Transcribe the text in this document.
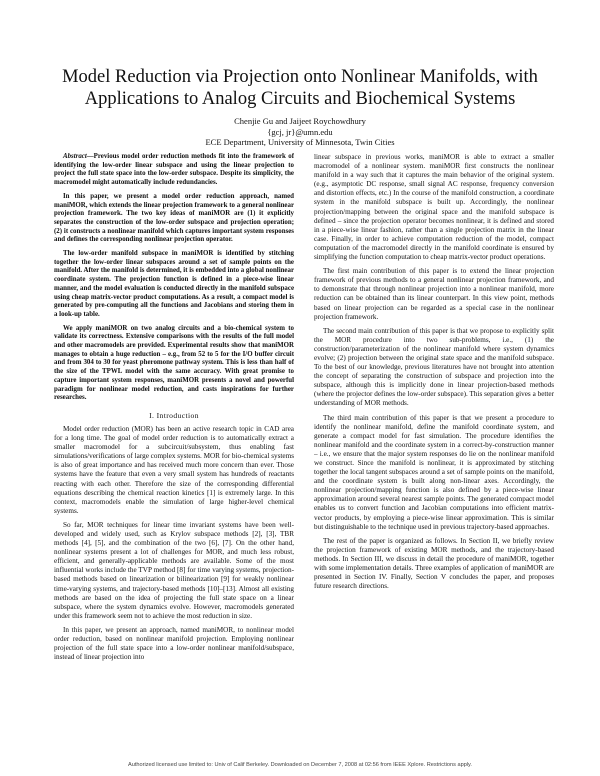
Model Reduction via Projection onto Nonlinear Manifolds, with Applications to Analog Circuits and Biochemical Systems
Chenjie Gu and Jaijeet Roychowdhury
{gcj, jr}@umn.edu
ECE Department, University of Minnesota, Twin Cities

Abstract—Previous model order reduction methods fit into the framework of identifying the low-order linear subspace and using the linear projection to project the full state space into the low-order subspace. Despite its simplicity, the macromodel might automatically include redundancies.

In this paper, we present a model order reduction approach, named maniMOR, which extends the linear projection framework to a general nonlinear projection framework. The two key ideas of maniMOR are (1) it explicitly separates the construction of the low-order subspace and projection operation; (2) it constructs a nonlinear manifold which captures important system responses and defines the corresponding nonlinear projection operator.

The low-order manifold subspace in maniMOR is identified by stitching together the low-order linear subspaces around a set of sample points on the manifold. After the manifold is determined, it is embedded into a global nonlinear coordinate system. The projection function is defined in a piece-wise linear manner, and the model evaluation is conducted directly in the manifold subspace using cheap matrix-vector product computations. As a result, a compact model is generated by pre-computing all the functions and Jacobians and storing them in a look-up table.

We apply maniMOR on two analog circuits and a bio-chemical system to validate its correctness. Extensive comparisons with the results of the full model and other macromodels are provided. Experimental results show that maniMOR manages to obtain a huge reduction – e.g., from 52 to 5 for the I/O buffer circuit and from 304 to 30 for yeast pheromone pathway system. This is less than half of the size of the TPWL model with the same accuracy. With great promise to capture important system responses, maniMOR presents a novel and powerful paradigm for nonlinear model reduction, and casts inspirations for further researches.

I. Introduction

Model order reduction (MOR) has been an active research topic in CAD area for a long time. The goal of model order reduction is to automatically extract a smaller macromodel for a subcircuit/subsystem, thus enabling fast simulations/verifications of large complex systems. MOR for bio-chemical systems is also of great importance and has received much more concern than ever. Those systems have the feature that even a very small system has hundreds of reactants reacting with each other. Therefore the size of the corresponding differential equations describing the chemical reaction kinetics [1] is extremely large. In this context, macromodels enable the simulation of large higher-level chemical systems.

So far, MOR techniques for linear time invariant systems have been well-developed and widely used, such as Krylov subspace methods [2], [3], TBR methods [4], [5], and the combination of the two [6], [7]. On the other hand, nonlinear systems present a lot of challenges for MOR, and much less robust, efficient, and generally-applicable methods are available. Some of the most influential works include the TVP method [8] for time varying systems, projection-based methods based on linearization or bilinearization [9] for weakly nonlinear time-varying systems, and trajectory-based methods [10]–[13]. Almost all existing methods are based on the idea of projecting the full state space on a linear subspace, where the system dynamics evolve. However, macromodels generated under this framework seem not to achieve the most reduction in size.

In this paper, we present an approach, named maniMOR, to nonlinear model order reduction, based on nonlinear manifold projection. Employing nonlinear projection of the full state space into a low-order nonlinear manifold/subspace, instead of linear projection into

linear subspace in previous works, maniMOR is able to extract a smaller macromodel of a nonlinear system. maniMOR first constructs the nonlinear manifold in a way such that it captures the main behavior of the original system. (e.g., asymptotic DC response, small signal AC response, frequency conversion and distortion effects, etc.) In the course of the manifold construction, a coordinate system in the manifold subspace is built up. Accordingly, the nonlinear projection/mapping between the original space and the manifold subspace is defined – since the projection operator becomes nonlinear, it is defined and stored in a piece-wise linear fashion, rather than a single projection matrix in the linear case. Finally, in order to achieve computation reduction of the model, compact computation of the macromodel directly in the manifold coordinate is ensured by simplifying the function computation to cheap matrix-vector product operations.

The first main contribution of this paper is to extend the linear projection framework of previous methods to a general nonlinear projection framework, and to demonstrate that through nonlinear projection into a nonlinear manifold, more reduction can be obtained than its linear counterpart. In this view point, methods based on linear projection can be regarded as a special case in the nonlinear projection framework.

The second main contribution of this paper is that we propose to explicitly split the MOR procedure into two sub-problems, i.e., (1) the construction/parameterization of the nonlinear manifold where system dynamics evolve; (2) projection between the original state space and the manifold subspace. To the best of our knowledge, previous literatures have not brought into attention the concept of separating the construction of subspace and projection into the subspace, although this is implicitly done in linear projection-based methods (where the projector defines the low-order subspace). This separation gives a better understanding of MOR methods.

The third main contribution of this paper is that we present a procedure to identify the nonlinear manifold, define the manifold coordinate system, and generate a compact model for fast simulation. The procedure identifies the nonlinear manifold and the coordinate system in a correct-by-construction manner – i.e., we ensure that the major system responses do lie on the nonlinear manifold we construct. Since the manifold is nonlinear, it is approximated by stitching together the local tangent subspaces around a set of sample points on the manifold, and the coordinate system is built along non-linear axes. Accordingly, the nonlinear projection/mapping function is also defined by a piece-wise linear approximation around several nearest sample points. The generated compact model enables us to convert function and Jacobian computations into efficient matrix-vector products, by employing a piece-wise linear approximation. This is similar but distinguishable to the technique used in previous trajectory-based approaches.

The rest of the paper is organized as follows. In Section II, we briefly review the projection framework of existing MOR methods, and the trajectory-based methods. In Section III, we discuss in detail the procedure of maniMOR, together with some implementation details. Three examples of application of maniMOR are presented in Section IV. Finally, Section V concludes the paper, and proposes future research directions.

Authorized licensed use limited to: Univ of Calif Berkeley. Downloaded on December 7, 2008 at 02:56 from IEEE Xplore. Restrictions apply.
